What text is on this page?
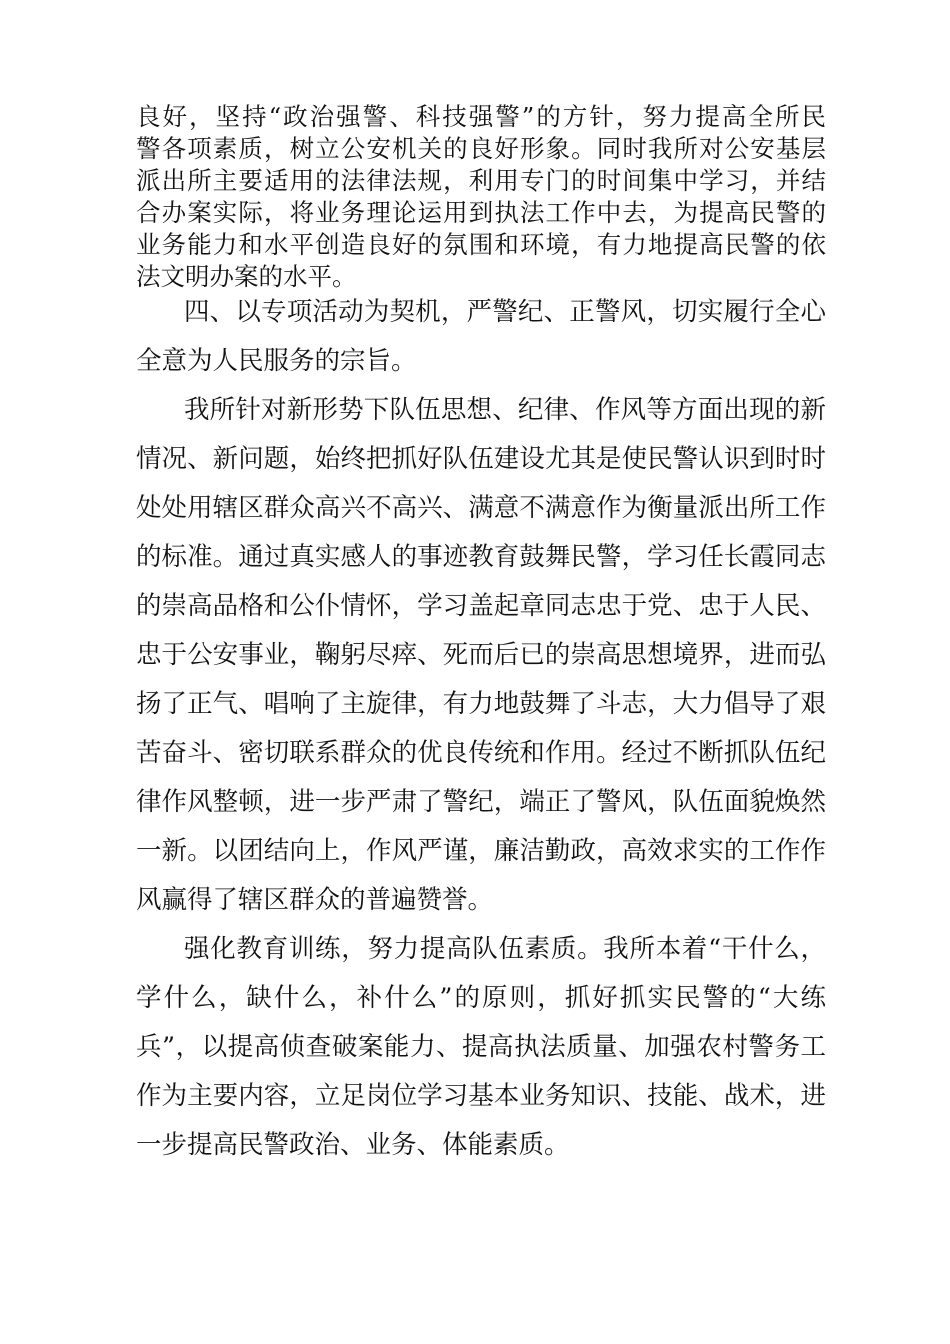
良好，坚持“政治强警、科技强警”的方针，努力提高全所民

警各项素质，树立公安机关的良好形象。同时我所对公安基层

派出所主要适用的法律法规，利用专门的时间集中学习，并结

合办案实际，将业务理论运用到执法工作中去，为提高民警的

业务能力和水平创造良好的氛围和环境，有力地提高民警的依

法文明办案的水平。

四、以专项活动为契机，严警纪、正警风，切实履行全心

全意为人民服务的宗旨。

我所针对新形势下队伍思想、纪律、作风等方面出现的新

情况、新问题，始终把抓好队伍建设尤其是使民警认识到时时

处处用辖区群众高兴不高兴、满意不满意作为衡量派出所工作

的标准。通过真实感人的事迹教育鼓舞民警，学习任长霞同志

的崇高品格和公仆情怀，学习盖起章同志忠于党、忠于人民、

忠于公安事业，鞠躬尽瘁、死而后已的崇高思想境界，进而弘

扬了正气、唱响了主旋律，有力地鼓舞了斗志，大力倡导了艰

苦奋斗、密切联系群众的优良传统和作用。经过不断抓队伍纪

律作风整顿，进一步严肃了警纪，端正了警风，队伍面貌焕然

一新。以团结向上，作风严谨，廉洁勤政，高效求实的工作作

风赢得了辖区群众的普遍赞誉。

强化教育训练，努力提高队伍素质。我所本着“干什么，

学什么，缺什么，补什么”的原则，抓好抓实民警的“大练

兵”，以提高侦查破案能力、提高执法质量、加强农村警务工

作为主要内容，立足岗位学习基本业务知识、技能、战术，进

一步提高民警政治、业务、体能素质。
